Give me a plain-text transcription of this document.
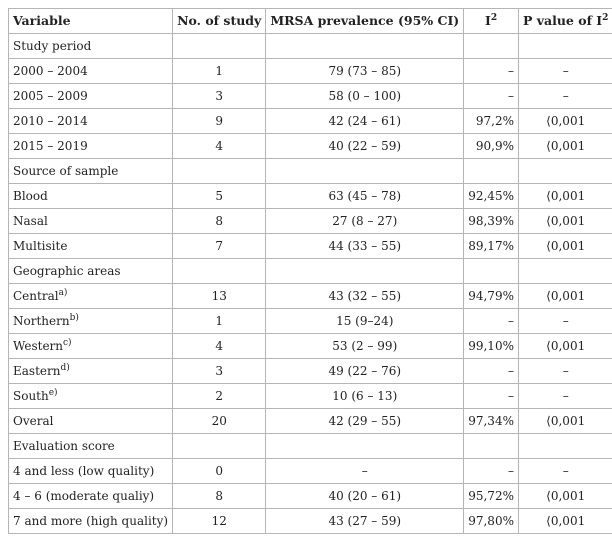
Variable	No. of study	MRSA prevalence (95% CI)	$I^2$	P value of $I^2$
Study period				
2000 – 2004	1	79 (73 – 85)	–	–
2005 – 2009	3	58 (0 – 100)	–	–
2010 – 2014	9	42 (24 – 61)	97,2%	⟨0,001
2015 – 2019	4	40 (22 – 59)	90,9%	⟨0,001
Source of sample				
Blood	5	63 (45 – 78)	92,45%	⟨0,001
Nasal	8	27 (8 – 27)	98,39%	⟨0,001
Multisite	7	44 (33 – 55)	89,17%	⟨0,001
Geographic areas				
Central$^{a)}$	13	43 (32 – 55)	94,79%	⟨0,001
Northern$^{b)}$	1	15 (9–24)	–	–
Western$^{c)}$	4	53 (2 – 99)	99,10%	⟨0,001
Eastern$^{d)}$	3	49 (22 – 76)	–	–
South$^{e)}$	2	10 (6 – 13)	–	–
Overal	20	42 (29 – 55)	97,34%	⟨0,001
Evaluation score				
4 and less (low quality)	0	–	–	–
4 – 6 (moderate qualiy)	8	40 (20 – 61)	95,72%	⟨0,001
7 and more (high quality)	12	43 (27 – 59)	97,80%	⟨0,001
